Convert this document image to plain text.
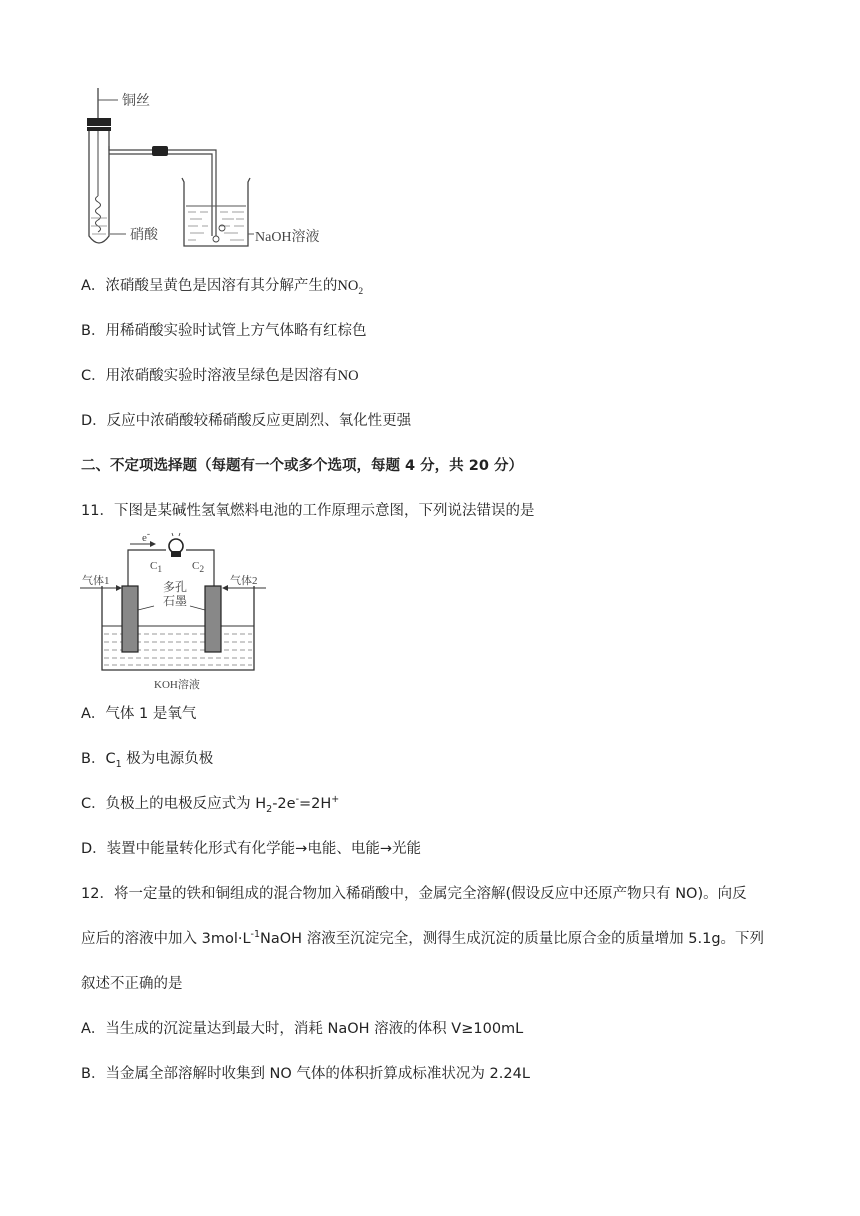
铜丝
硝酸	NaOH溶液
A．浓硝酸呈黄色是因溶有其分解产生的$NO_2$
B．用稀硝酸实验时试管上方气体略有红棕色
C．用浓硝酸实验时溶液呈绿色是因溶有NO
D．反应中浓硝酸较稀硝酸反应更剧烈、氧化性更强
二、不定项选择题（每题有一个或多个选项，每题 4 分，共 20 分）
11．下图是某碱性氢氧燃料电池的工作原理示意图，下列说法错误的是
e-
$C_1$	$C_2$
气体1	气体2
多孔
石墨
KOH溶液
A．气体 1 是氧气
B．$C_1$ 极为电源负极
C．负极上的电极反应式为 $H_2-2e^-=2H^+$
D．装置中能量转化形式有化学能→电能、电能→光能
12．将一定量的铁和铜组成的混合物加入稀硝酸中，金属完全溶解(假设反应中还原产物只有 NO)。向反
应后的溶液中加入 $3mol\cdot L^{-1}NaOH$ 溶液至沉淀完全，测得生成沉淀的质量比原合金的质量增加 5.1g。下列
叙述不正确的是
A．当生成的沉淀量达到最大时，消耗 NaOH 溶液的体积 V≥100mL
B．当金属全部溶解时收集到 NO 气体的体积折算成标准状况为 2.24L
